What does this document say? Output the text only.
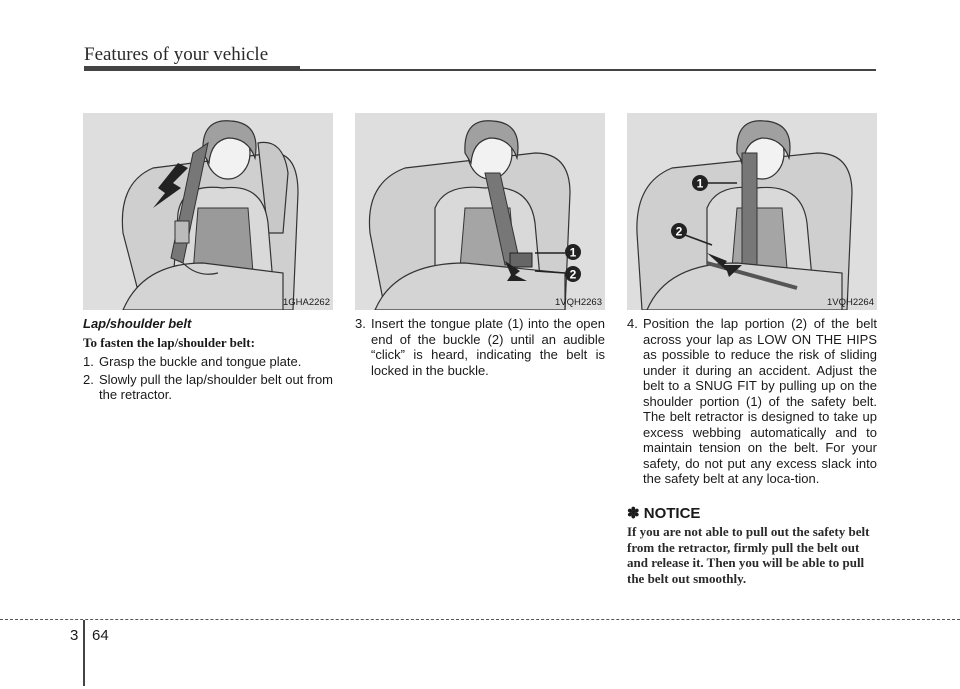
Features of your vehicle
1GHA2262
1
2
1VQH2263
1
2
1VQH2264
Lap/shoulder belt
To fasten the lap/shoulder belt:
1. Grasp the buckle and tongue plate.
2. Slowly pull the lap/shoulder belt out from the retractor.
3. Insert the tongue plate (1) into the open end of the buckle (2) until an audible “click” is heard, indicating the belt is locked in the buckle.
4. Position the lap portion (2) of the belt across your lap as LOW ON THE HIPS as possible to reduce the risk of sliding under it during an accident. Adjust the belt to a SNUG FIT by pulling up on the shoulder portion (1) of the safety belt. The belt retractor is designed to take up excess webbing automatically and to maintain tension on the belt. For your safety, do not put any excess slack into the safety belt at any loca-tion.
✽ NOTICE
If you are not able to pull out the safety belt from the retractor, firmly pull the belt out and release it. Then you will be able to pull the belt out smoothly.
3 64
